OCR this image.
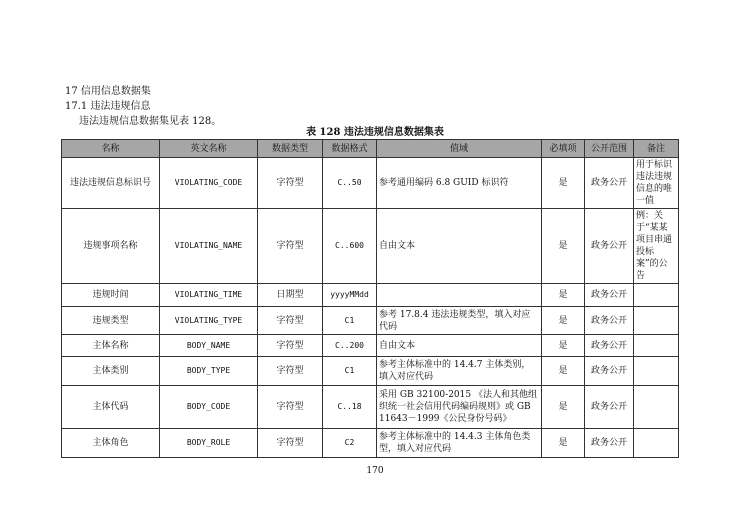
17 信用信息数据集
17.1 违法违规信息
违法违规信息数据集见表 128。
表 128 违法违规信息数据集表
名称	英文名称	数据类型	数据格式	值域	必填项	公开范围	备注
违法违规信息标识号	VIOLATING_CODE	字符型	C..50	参考通用编码 6.8 GUID 标识符	是	政务公开	用于标识违法违规信息的唯一值
违规事项名称	VIOLATING_NAME	字符型	C..600	自由文本	是	政务公开	例：关于“某某项目串通投标案”的公告
违规时间	VIOLATING_TIME	日期型	yyyyMMdd		是	政务公开	
违规类型	VIOLATING_TYPE	字符型	C1	参考 17.8.4 违法违规类型，填入对应代码	是	政务公开	
主体名称	BODY_NAME	字符型	C..200	自由文本	是	政务公开	
主体类别	BODY_TYPE	字符型	C1	参考主体标准中的 14.4.7 主体类别，填入对应代码	是	政务公开	
主体代码	BODY_CODE	字符型	C..18	采用 GB 32100-2015 《法人和其他组织统一社会信用代码编码规则》或 GB 11643－1999《公民身份号码》	是	政务公开	
主体角色	BODY_ROLE	字符型	C2	参考主体标准中的 14.4.3 主体角色类型，填入对应代码	是	政务公开	
170
